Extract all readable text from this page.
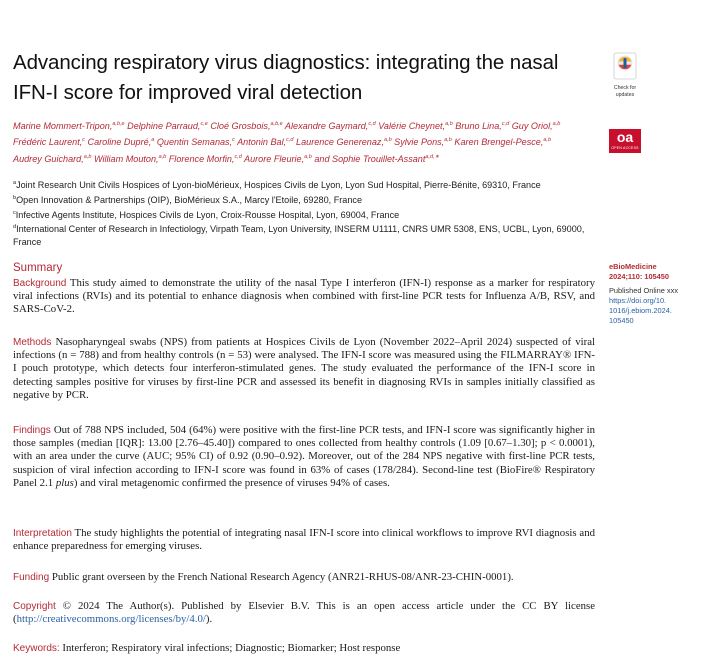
Advancing respiratory virus diagnostics: integrating the nasal
IFN-I score for improved viral detection	Check for
updates
oa
OPEN ACCESS
Marine Mommert-Tripon,$^{a,b,e}$ Delphine Parraud,$^{c,e}$ Cloé Grosbois,$^{a,b,e}$ Alexandre Gaymard,$^{c,d}$ Valérie Cheynet,$^{a,b}$ Bruno Lina,$^{c,d}$ Guy Oriol,$^{a,b}$
Frédéric Laurent,$^c$ Caroline Dupré,$^a$ Quentin Semanas,$^c$ Antonin Bal,$^{c,d}$ Laurence Generenaz,$^{a,b}$ Sylvie Pons,$^{a,b}$ Karen Brengel-Pesce,$^{a,b}$
Audrey Guichard,$^{a,b}$ William Mouton,$^{a,b}$ Florence Morfin,$^{c,d}$ Aurore Fleurie,$^{a,b}$ and Sophie Trouillet-Assant$^{a,d,∗}$
$^a$Joint Research Unit Civils Hospices of Lyon-bioMérieux, Hospices Civils de Lyon, Lyon Sud Hospital, Pierre-Bénite, 69310, France
$^b$Open Innovation & Partnerships (OIP), BioMérieux S.A., Marcy l'Etoile, 69280, France
$^c$Infective Agents Institute, Hospices Civils de Lyon, Croix-Rousse Hospital, Lyon, 69004, France
$^d$International Center of Research in Infectiology, Virpath Team, Lyon University, INSERM U1111, CNRS UMR 5308, ENS, UCBL, Lyon, 69000, France
Summary
Background This study aimed to demonstrate the utility of the nasal Type I interferon (IFN-I) response as a marker for respiratory viral infections (RVIs) and its potential to enhance diagnosis when combined with first-line PCR tests for Influenza A/B, RSV, and SARS-CoV-2.
Methods Nasopharyngeal swabs (NPS) from patients at Hospices Civils de Lyon (November 2022–April 2024) suspected of viral infections (n = 788) and from healthy controls (n = 53) were analysed. The IFN-I score was measured using the FILMARRAY® IFN-I pouch prototype, which detects four interferon-stimulated genes. The study evaluated the performance of the IFN-I score in detecting samples positive for viruses by first-line PCR and assessed its benefit in diagnosing RVIs in samples initially classified as negative by PCR.
Findings Out of 788 NPS included, 504 (64%) were positive with the first-line PCR tests, and IFN-I score was significantly higher in those samples (median [IQR]: 13.00 [2.76–45.40]) compared to ones collected from healthy controls (1.09 [0.67–1.30]; p < 0.0001), with an area under the curve (AUC; 95% CI) of 0.92 (0.90–0.92). Moreover, out of the 284 NPS negative with first-line PCR tests, suspicion of viral infection according to IFN-I score was found in 63% of cases (178/284). Second-line test (BioFire® Respiratory Panel 2.1 plus) and viral metagenomic confirmed the presence of viruses 94% of cases.
Interpretation The study highlights the potential of integrating nasal IFN-I score into clinical workflows to improve RVI diagnosis and enhance preparedness for emerging viruses.
Funding Public grant overseen by the French National Research Agency (ANR21-RHUS-08/ANR-23-CHIN-0001).
Copyright © 2024 The Author(s). Published by Elsevier B.V. This is an open access article under the CC BY license (http://creativecommons.org/licenses/by/4.0/).
Keywords: Interferon; Respiratory viral infections; Diagnostic; Biomarker; Host response
eBioMedicine
2024;110: 105450
Published Online xxx
https://doi.org/10.
1016/j.ebiom.2024.
105450
